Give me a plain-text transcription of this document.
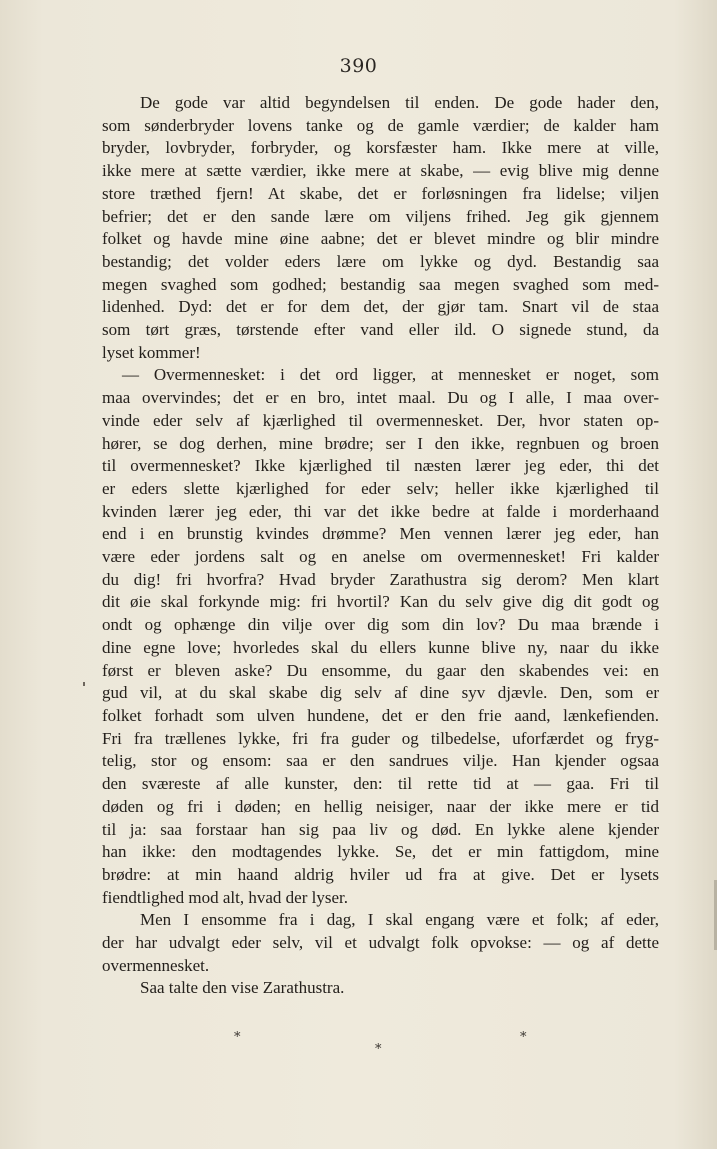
390
De gode var altid begyndelsen til enden. De gode hader den,
som sønderbryder lovens tanke og de gamle værdier; de kalder ham
bryder, lovbryder, forbryder, og korsfæster ham. Ikke mere at ville,
ikke mere at sætte værdier, ikke mere at skabe, — evig blive mig denne
store træthed fjern! At skabe, det er forløsningen fra lidelse; viljen
befrier; det er den sande lære om viljens frihed. Jeg gik gjennem
folket og havde mine øine aabne; det er blevet mindre og blir mindre
bestandig; det volder eders lære om lykke og dyd. Bestandig saa
megen svaghed som godhed; bestandig saa megen svaghed som med-
lidenhed. Dyd: det er for dem det, der gjør tam. Snart vil de staa
som tørt græs, tørstende efter vand eller ild. O signede stund, da
lyset kommer!
— Overmennesket: i det ord ligger, at mennesket er noget, som
maa overvindes; det er en bro, intet maal. Du og I alle, I maa over-
vinde eder selv af kjærlighed til overmennesket. Der, hvor staten op-
hører, se dog derhen, mine brødre; ser I den ikke, regnbuen og broen
til overmennesket? Ikke kjærlighed til næsten lærer jeg eder, thi det
er eders slette kjærlighed for eder selv; heller ikke kjærlighed til
kvinden lærer jeg eder, thi var det ikke bedre at falde i morderhaand
end i en brunstig kvindes drømme? Men vennen lærer jeg eder, han
være eder jordens salt og en anelse om overmennesket! Fri kalder
du dig! fri hvorfra? Hvad bryder Zarathustra sig derom? Men klart
dit øie skal forkynde mig: fri hvortil? Kan du selv give dig dit godt og
ondt og ophænge din vilje over dig som din lov? Du maa brænde i
dine egne love; hvorledes skal du ellers kunne blive ny, naar du ikke
først er bleven aske? Du ensomme, du gaar den skabendes vei: en
gud vil, at du skal skabe dig selv af dine syv djævle. Den, som er
folket forhadt som ulven hundene, det er den frie aand, lænkefienden.
Fri fra trællenes lykke, fri fra guder og tilbedelse, uforfærdet og fryg-
telig, stor og ensom: saa er den sandrues vilje. Han kjender ogsaa
den sværeste af alle kunster, den: til rette tid at — gaa. Fri til
døden og fri i døden; en hellig neisiger, naar der ikke mere er tid
til ja: saa forstaar han sig paa liv og død. En lykke alene kjender
han ikke: den modtagendes lykke. Se, det er min fattigdom, mine
brødre: at min haand aldrig hviler ud fra at give. Det er lysets
fiendtlighed mod alt, hvad der lyser.
Men I ensomme fra i dag, I skal engang være et folk; af eder,
der har udvalgt eder selv, vil et udvalgt folk opvokse: — og af dette
overmennesket.
Saa talte den vise Zarathustra.
*	*
*
